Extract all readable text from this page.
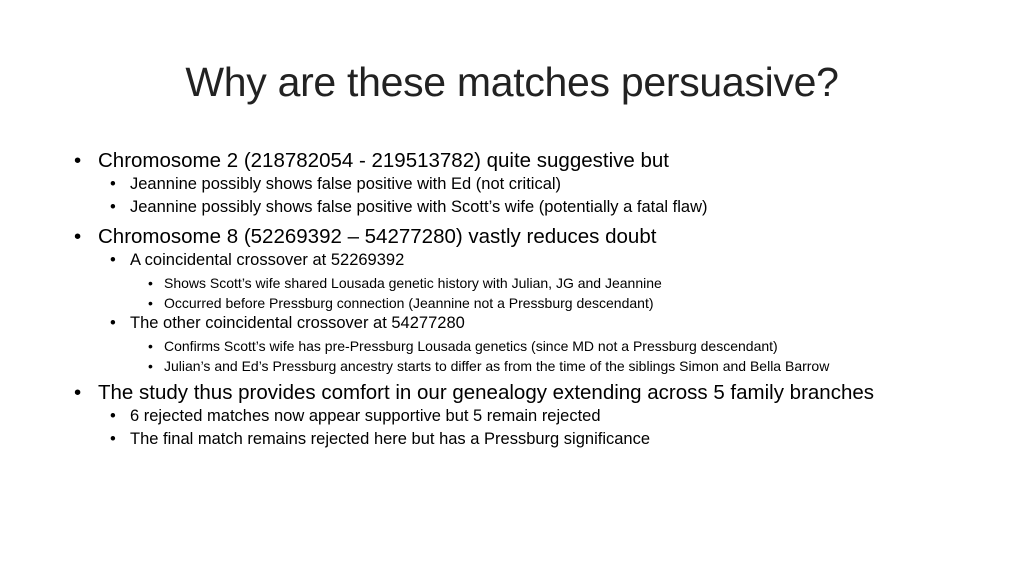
Why are these matches persuasive?
• Chromosome 2 (218782054 - 219513782) quite suggestive but
• Jeannine possibly shows false positive with Ed (not critical)
• Jeannine possibly shows false positive with Scott’s wife (potentially a fatal flaw)
• Chromosome 8 (52269392 – 54277280) vastly reduces doubt
• A coincidental crossover at 52269392
• Shows Scott’s wife shared Lousada genetic history with Julian, JG and Jeannine
• Occurred before Pressburg connection (Jeannine not a Pressburg descendant)
• The other coincidental crossover at 54277280
• Confirms Scott’s wife has pre-Pressburg Lousada genetics (since MD not a Pressburg descendant)
• Julian’s and Ed’s Pressburg ancestry starts to differ as from the time of the siblings Simon and Bella Barrow
• The study thus provides comfort in our genealogy extending across 5 family branches
• 6 rejected matches now appear supportive but 5 remain rejected
• The final match remains rejected here but has a Pressburg significance
